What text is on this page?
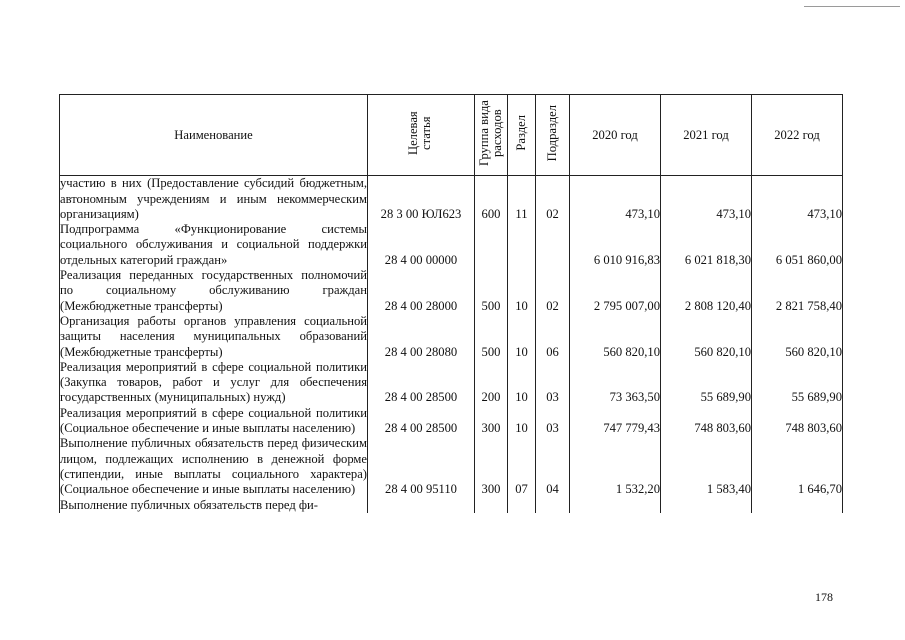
Наименование	Целевая статья	Группа вида расходов	Раздел	Подраздел	2020 год	2021 год	2022 год
участию в них (Предоставление субсидий бюджетным, автономным учреждениям и иным некоммерческим организациям)	28 3 00 ЮЛ623	600	11	02	473,10	473,10	473,10
Подпрограмма «Функционирование системы социального обслуживания и социальной поддержки отдельных категорий граждан»	28 4 00 00000				6 010 916,83	6 021 818,30	6 051 860,00
Реализация переданных государственных полномочий по социальному обслуживанию граждан (Межбюджетные трансферты)	28 4 00 28000	500	10	02	2 795 007,00	2 808 120,40	2 821 758,40
Организация работы органов управления социальной защиты населения муниципальных образований (Межбюджетные трансферты)	28 4 00 28080	500	10	06	560 820,10	560 820,10	560 820,10
Реализация мероприятий в сфере социальной политики (Закупка товаров, работ и услуг для обеспечения государственных (муниципальных) нужд)	28 4 00 28500	200	10	03	73 363,50	55 689,90	55 689,90
Реализация мероприятий в сфере социальной политики (Социальное обеспечение и иные выплаты населению)	28 4 00 28500	300	10	03	747 779,43	748 803,60	748 803,60
Выполнение публичных обязательств перед физическим лицом, подлежащих исполнению в денежной форме (стипендии, иные выплаты социального характера) (Социальное обеспечение и иные выплаты населению)	28 4 00 95110	300	07	04	1 532,20	1 583,40	1 646,70
Выполнение публичных обязательств перед фи-							
178
